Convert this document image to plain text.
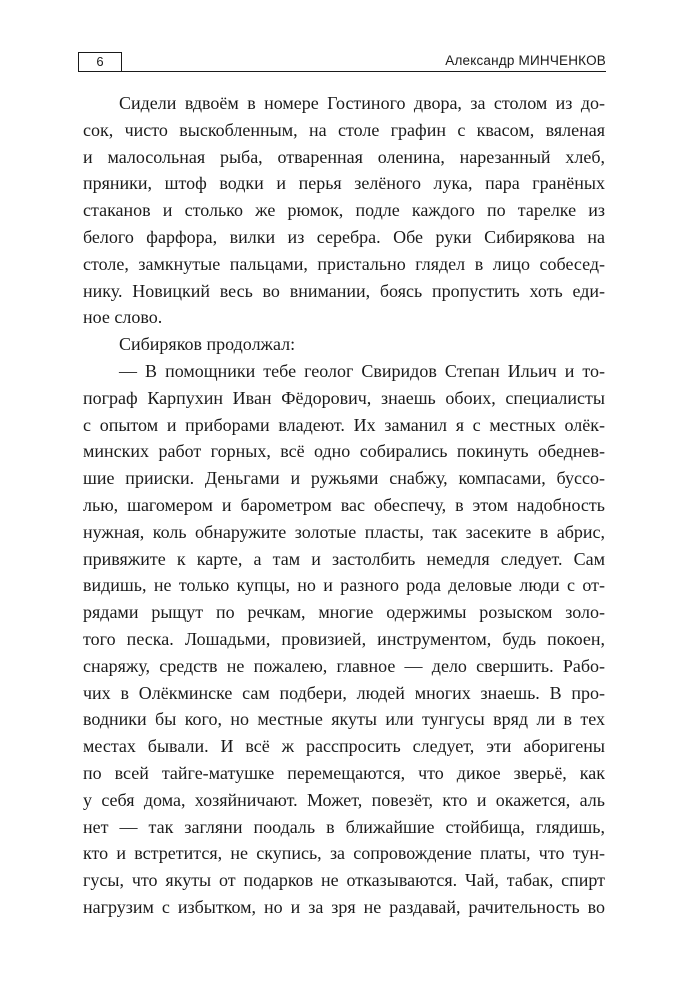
6	Александр МИНЧЕНКОВ
Сидели вдвоём в номере Гостиного двора, за столом из до-
сок, чисто выскобленным, на столе графин с квасом, вяленая
и малосольная рыба, отваренная оленина, нарезанный хлеб,
пряники, штоф водки и перья зелёного лука, пара гранёных
стаканов и столько же рюмок, подле каждого по тарелке из
белого фарфора, вилки из серебра. Обе руки Сибирякова на
столе, замкнутые пальцами, пристально глядел в лицо собесед-
нику. Новицкий весь во внимании, боясь пропустить хоть еди-
ное слово.
Сибиряков продолжал:
— В помощники тебе геолог Свиридов Степан Ильич и то-
пограф Карпухин Иван Фёдорович, знаешь обоих, специалисты
с опытом и приборами владеют. Их заманил я с местных олёк-
минских работ горных, всё одно собирались покинуть обеднев-
шие прииски. Деньгами и ружьями снабжу, компасами, буссо-
лью, шагомером и барометром вас обеспечу, в этом надобность
нужная, коль обнаружите золотые пласты, так засеките в абрис,
привяжите к карте, а там и застолбить немедля следует. Сам
видишь, не только купцы, но и разного рода деловые люди с от-
рядами рыщут по речкам, многие одержимы розыском золо-
того песка. Лошадьми, провизией, инструментом, будь покоен,
снаряжу, средств не пожалею, главное — дело свершить. Рабо-
чих в Олёкминске сам подбери, людей многих знаешь. В про-
водники бы кого, но местные якуты или тунгусы вряд ли в тех
местах бывали. И всё ж расспросить следует, эти аборигены
по всей тайге-матушке перемещаются, что дикое зверьё, как
у себя дома, хозяйничают. Может, повезёт, кто и окажется, аль
нет — так загляни поодаль в ближайшие стойбища, глядишь,
кто и встретится, не скупись, за сопровождение платы, что тун-
гусы, что якуты от подарков не отказываются. Чай, табак, спирт
нагрузим с избытком, но и за зря не раздавай, рачительность во
